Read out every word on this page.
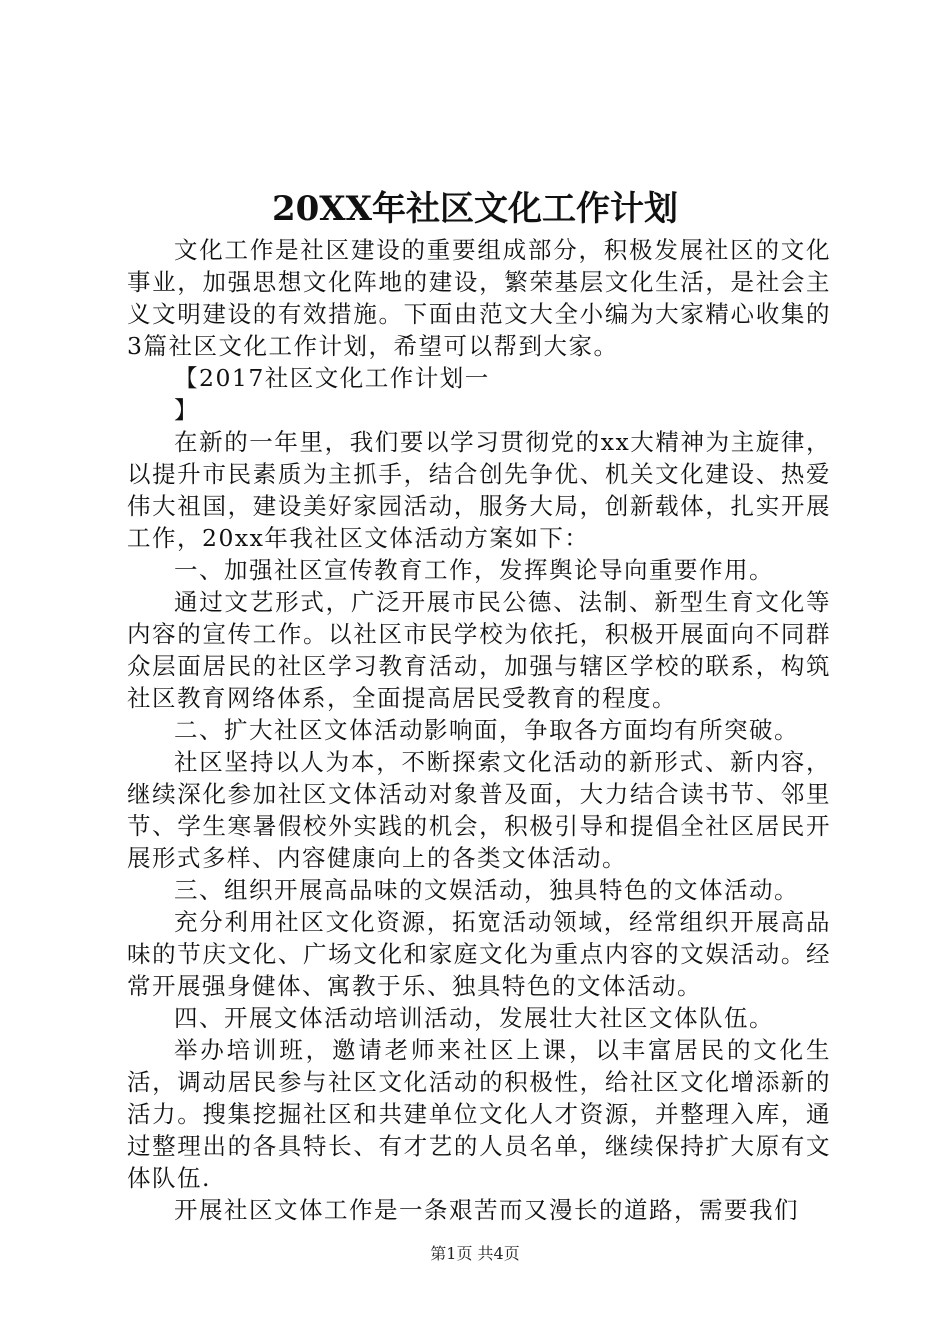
20XX年社区文化工作计划

文化工作是社区建设的重要组成部分，积极发展社区的文化事业，加强思想文化阵地的建设，繁荣基层文化生活，是社会主义文明建设的有效措施。下面由范文大全小编为大家精心收集的3篇社区文化工作计划，希望可以帮到大家。

【2017社区文化工作计划一

】

在新的一年里，我们要以学习贯彻党的xx大精神为主旋律，以提升市民素质为主抓手，结合创先争优、机关文化建设、热爱伟大祖国，建设美好家园活动，服务大局，创新载体，扎实开展工作，20xx年我社区文体活动方案如下：

一、加强社区宣传教育工作，发挥舆论导向重要作用。

通过文艺形式，广泛开展市民公德、法制、新型生育文化等内容的宣传工作。以社区市民学校为依托，积极开展面向不同群众层面居民的社区学习教育活动，加强与辖区学校的联系，构筑社区教育网络体系，全面提高居民受教育的程度。

二、扩大社区文体活动影响面，争取各方面均有所突破。

社区坚持以人为本，不断探索文化活动的新形式、新内容，继续深化参加社区文体活动对象普及面，大力结合读书节、邻里节、学生寒暑假校外实践的机会，积极引导和提倡全社区居民开展形式多样、内容健康向上的各类文体活动。

三、组织开展高品味的文娱活动，独具特色的文体活动。

充分利用社区文化资源，拓宽活动领域，经常组织开展高品味的节庆文化、广场文化和家庭文化为重点内容的文娱活动。经常开展强身健体、寓教于乐、独具特色的文体活动。

四、开展文体活动培训活动，发展壮大社区文体队伍。

举办培训班，邀请老师来社区上课，以丰富居民的文化生活，调动居民参与社区文化活动的积极性，给社区文化增添新的活力。搜集挖掘社区和共建单位文化人才资源，并整理入库，通过整理出的各具特长、有才艺的人员名单，继续保持扩大原有文体队伍.

开展社区文体工作是一条艰苦而又漫长的道路，需要我们

第1页 共4页
